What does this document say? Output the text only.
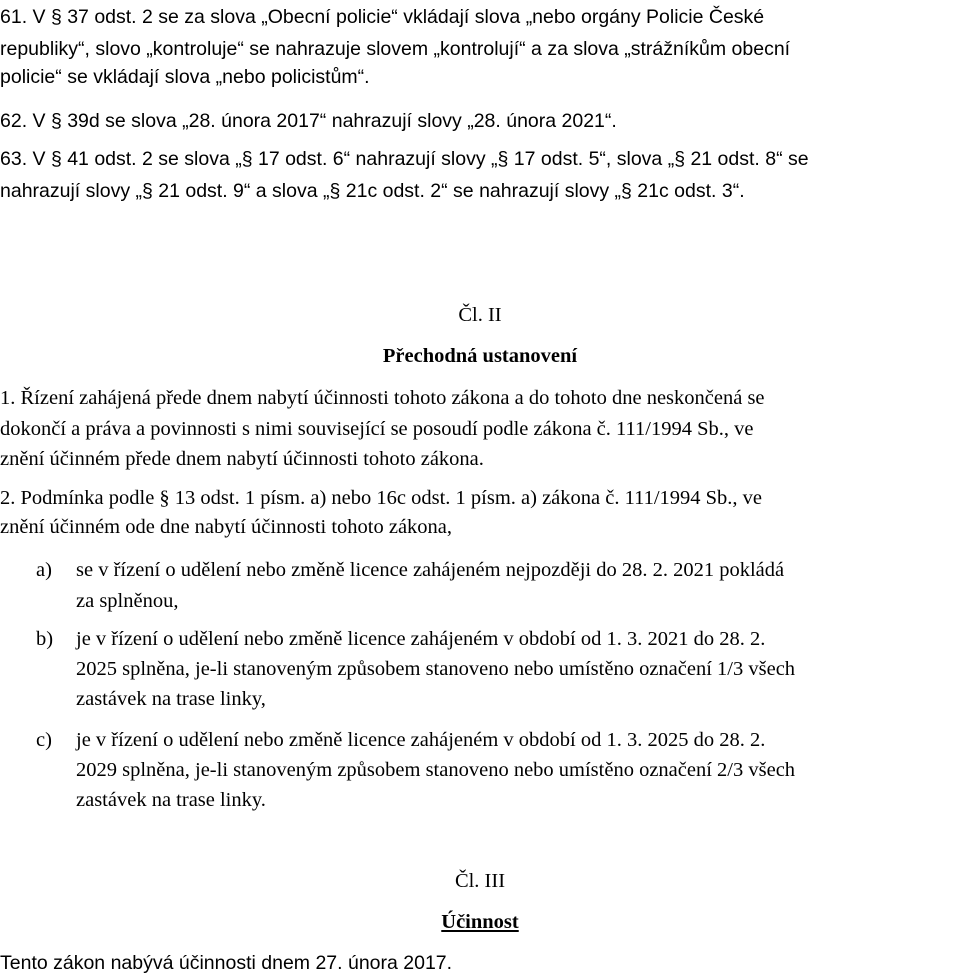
61. V § 37 odst. 2 se za slova „Obecní policie“ vkládají slova „nebo orgány Policie České
republiky“, slovo „kontroluje“ se nahrazuje slovem „kontrolují“ a za slova „strážníkům obecní
policie“ se vkládají slova „nebo policistům“.
62. V § 39d se slova „28. února 2017“ nahrazují slovy „28. února 2021“.
63. V § 41 odst. 2 se slova „§ 17 odst. 6“ nahrazují slovy „§ 17 odst. 5“, slova „§ 21 odst. 8“ se
nahrazují slovy „§ 21 odst. 9“ a slova „§ 21c odst. 2“ se nahrazují slovy „§ 21c odst. 3“.
Čl. II
Přechodná ustanovení
1. Řízení zahájená přede dnem nabytí účinnosti tohoto zákona a do tohoto dne neskončená se
dokončí a práva a povinnosti s nimi související se posoudí podle zákona č. 111/1994 Sb., ve
znění účinném přede dnem nabytí účinnosti tohoto zákona.
2. Podmínka podle § 13 odst. 1 písm. a) nebo 16c odst. 1 písm. a) zákona č. 111/1994 Sb., ve
znění účinném ode dne nabytí účinnosti tohoto zákona,
a) se v řízení o udělení nebo změně licence zahájeném nejpozději do 28. 2. 2021 pokládá
za splněnou,
b) je v řízení o udělení nebo změně licence zahájeném v období od 1. 3. 2021 do 28. 2.
2025 splněna, je-li stanoveným způsobem stanoveno nebo umístěno označení 1/3 všech
zastávek na trase linky,
c) je v řízení o udělení nebo změně licence zahájeném v období od 1. 3. 2025 do 28. 2.
2029 splněna, je-li stanoveným způsobem stanoveno nebo umístěno označení 2/3 všech
zastávek na trase linky.
Čl. III
Účinnost
Tento zákon nabývá účinnosti dnem 27. února 2017.
